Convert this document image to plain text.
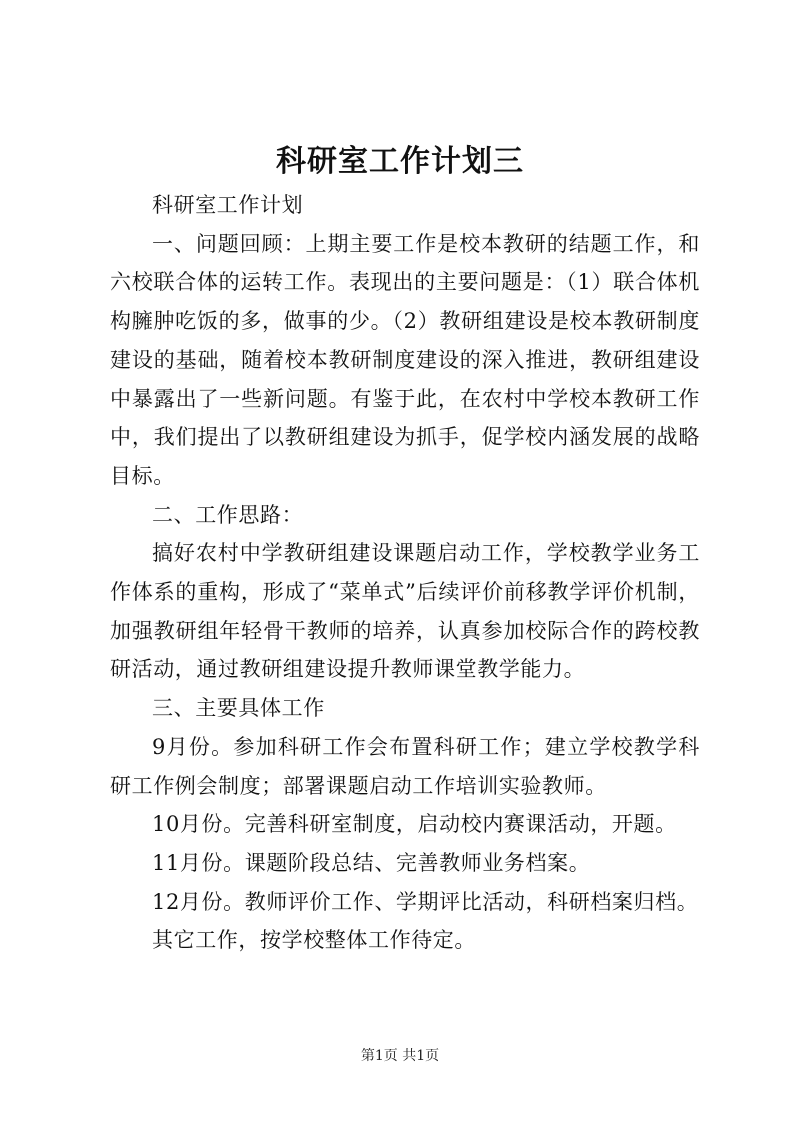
科研室工作计划三

科研室工作计划

一、问题回顾：上期主要工作是校本教研的结题工作，和六校联合体的运转工作。表现出的主要问题是：（1）联合体机构臃肿吃饭的多，做事的少。（2）教研组建设是校本教研制度建设的基础，随着校本教研制度建设的深入推进，教研组建设中暴露出了一些新问题。有鉴于此，在农村中学校本教研工作中，我们提出了以教研组建设为抓手，促学校内涵发展的战略目标。

二、工作思路：

搞好农村中学教研组建设课题启动工作，学校教学业务工作体系的重构，形成了“菜单式”后续评价前移教学评价机制，加强教研组年轻骨干教师的培养，认真参加校际合作的跨校教研活动，通过教研组建设提升教师课堂教学能力。

三、主要具体工作

9月份。参加科研工作会布置科研工作；建立学校教学科研工作例会制度；部署课题启动工作培训实验教师。

10月份。完善科研室制度，启动校内赛课活动，开题。

11月份。课题阶段总结、完善教师业务档案。

12月份。教师评价工作、学期评比活动，科研档案归档。

其它工作，按学校整体工作待定。

第1页 共1页
